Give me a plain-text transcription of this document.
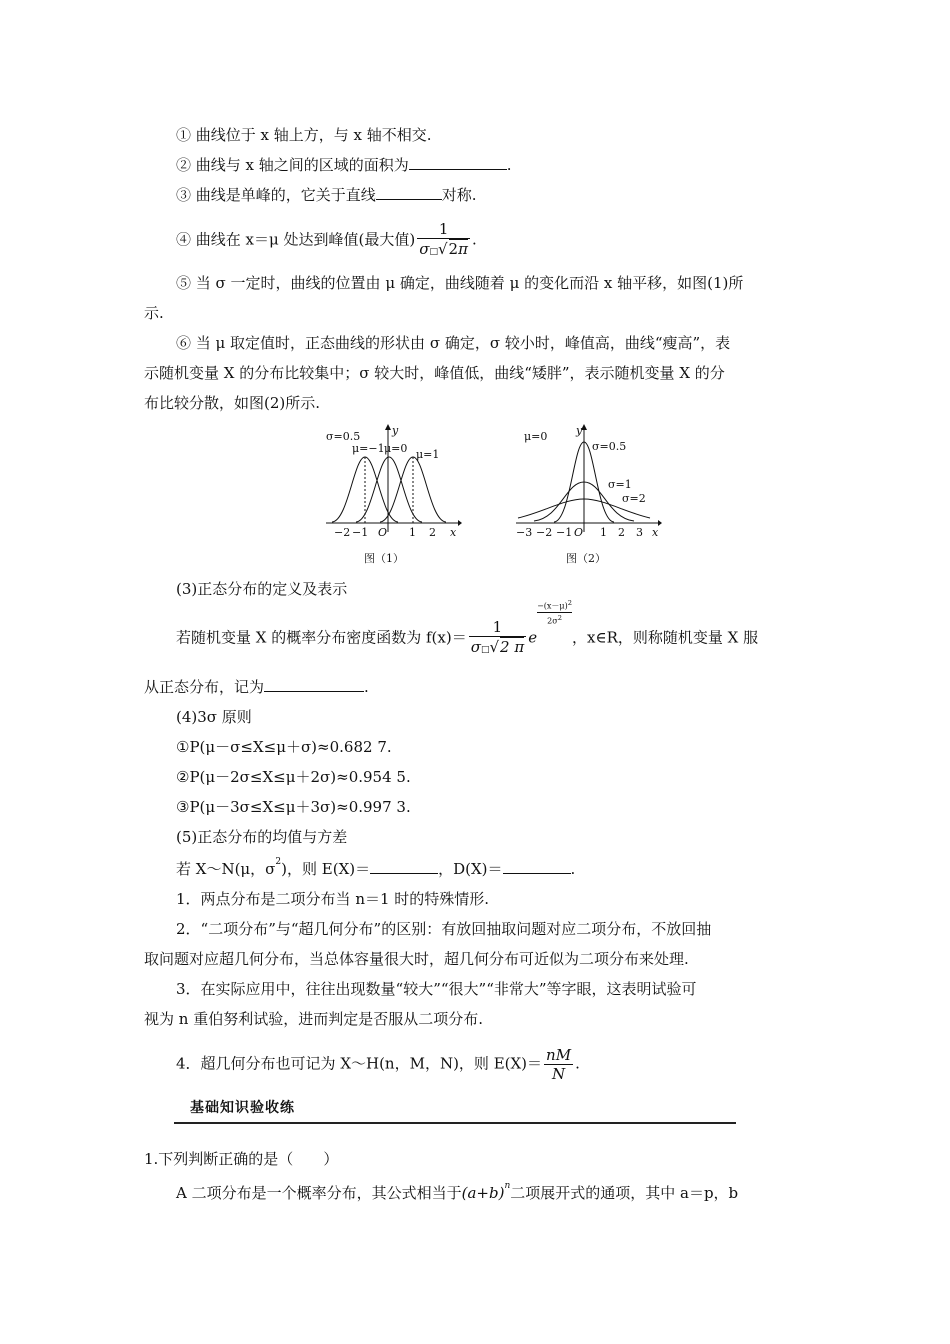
① 曲线位于 x 轴上方，与 x 轴不相交.
② 曲线与 x 轴之间的区域的面积为	.
③ 曲线是单峰的，它关于直线	对称.
④ 曲线在 x＝μ 处达到峰值(最大值) $\frac{1}{\sigma□√2\pi}$ .
⑤ 当 σ 一定时，曲线的位置由 μ 确定，曲线随着 μ 的变化而沿 x 轴平移，如图(1)所
示.
⑥ 当 μ 取定值时，正态曲线的形状由 σ 确定，σ 较小时，峰值高，曲线“瘦高”，表
示随机变量 X 的分布比较集中；σ 较大时，峰值低，曲线“矮胖”，表示随机变量 X 的分
布比较分散，如图(2)所示.
σ=0.5
μ=−1 μ=0 μ=1
y
x
−2 −1 O 1 2
图（1）
μ=0
σ=0.5
σ=1
σ=2
y
x
−3 −2 −1 O 1 2 3
图（2）
(3)正态分布的定义及表示
若随机变量 X 的概率分布密度函数为 $f(x)= \frac{1}{\sigma□√2 \pi}$ e
$\frac{-(x-\mu)^2}{2\sigma^2}$
，x∈R，则称随机变量 X 服
从正态分布，记为	.
(4)3σ 原则
①P(μ－σ≤X≤μ＋σ)≈0.682 7.
②P(μ－2σ≤X≤μ＋2σ)≈0.954 5.
③P(μ－3σ≤X≤μ＋3σ)≈0.997 3.
(5)正态分布的均值与方差
若 X～N(μ，$\sigma^2$)，则 E(X)＝	，D(X)＝	.
1．两点分布是二项分布当 n＝1 时的特殊情形.
2．“二项分布”与“超几何分布”的区别：有放回抽取问题对应二项分布，不放回抽
取问题对应超几何分布，当总体容量很大时，超几何分布可近似为二项分布来处理.
3．在实际应用中，往往出现数量“较大”“很大”“非常大”等字眼，这表明试验可
视为 n 重伯努利试验，进而判定是否服从二项分布.
4．超几何分布也可记为 X～H(n，M，N)，则 $E(X)= \frac{nM}{N}$ .
基础知识验收练
1.下列判断正确的是（　　）
A 二项分布是一个概率分布，其公式相当于$(a+b)^n$二项展开式的通项，其中 a＝p，b
